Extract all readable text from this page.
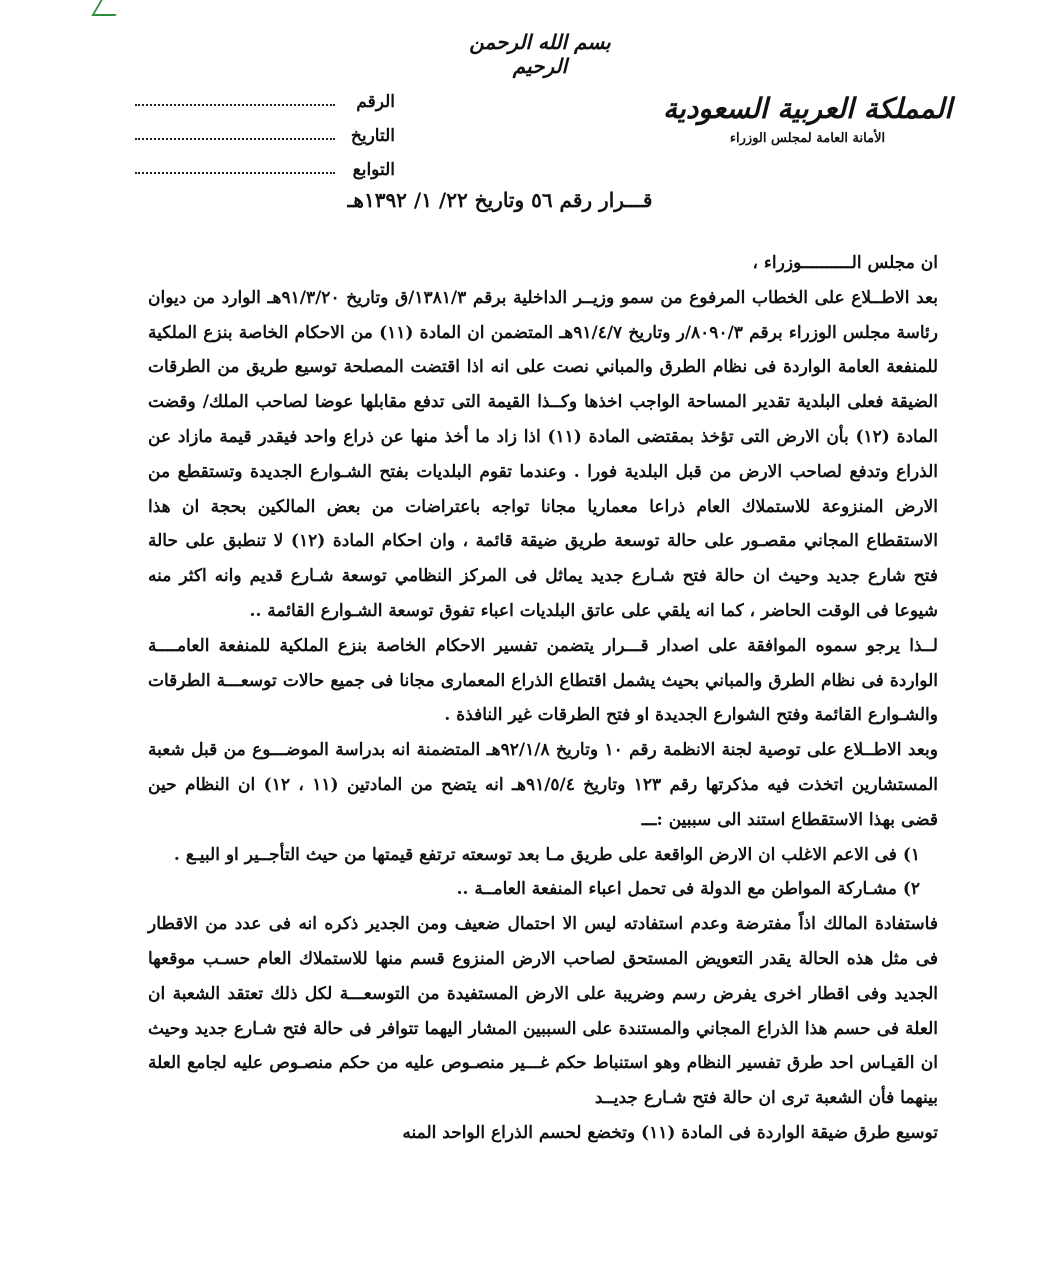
بسم الله الرحمن الرحيم
الرقم
التاريخ
التوابع
المملكة العربية السعودية
الأمانة العامة لمجلس الوزراء
قـــرار رقم ٥٦ وتاريخ ٢٢/ ١/ ١٣٩٢هـ

ان مجلس الــــــــــوزراء ،

بعد الاطــلاع على الخطاب المرفوع من سمو وزيــر الداخلية برقم ١٣٨١/٣/ق وتاريخ ٩١/٣/٢٠هـ الوارد من ديوان رئاسة مجلس الوزراء برقم ٨٠٩٠/٣/ر وتاريخ ٩١/٤/٧هـ المتضمن ان المادة (١١) من الاحكام الخاصة بنزع الملكية للمنفعة العامة الواردة فى نظام الطرق والمباني نصت على انه اذا اقتضت المصلحة توسيع طريق من الطرقات الضيقة فعلى البلدية تقدير المساحة الواجب اخذها وكــذا القيمة التى تدفع مقابلها عوضا لصاحب الملك/ وقضت المادة (١٢) بأن الارض التى تؤخذ بمقتضى المادة (١١) اذا زاد ما أخذ منها عن ذراع واحد فيقدر قيمة مازاد عن الذراع وتدفع لصاحب الارض من قبل البلدية فورا . وعندما تقوم البلديات بفتح الشـوارع الجديدة وتستقطع من الارض المنزوعة للاستملاك العام ذراعا معماريا مجانا تواجه باعتراضات من بعض المالكين بحجة ان هذا الاستقطاع المجاني مقصـور على حالة توسعة طريق ضيقة قائمة ، وان احكام المادة (١٢) لا تنطبق على حالة فتح شارع جديد وحيث ان حالة فتح شـارع جديد يماثل فى المركز النظامي توسعة شـارع قديم وانه اكثر منه شيوعا فى الوقت الحاضر ، كما انه يلقي على عاتق البلديات اعباء تفوق توسعة الشـوارع القائمة ..

لــذا يرجو سموه الموافقة على اصدار قـــرار يتضمن تفسير الاحكام الخاصة بنزع الملكية للمنفعة العامــــة الواردة فى نظام الطرق والمباني بحيث يشمل اقتطاع الذراع المعمارى مجانا فى جميع حالات توسعـــة الطرقات والشـوارع القائمة وفتح الشوارع الجديدة او فتح الطرقات غير النافذة .

وبعد الاطــلاع على توصية لجنة الانظمة رقم ١٠ وتاريخ ٩٢/١/٨هـ المتضمنة انه بدراسة الموضـــوع من قبل شعبة المستشارين اتخذت فيه مذكرتها رقم ١٢٣ وتاريخ ٩١/٥/٤هـ انه يتضح من المادتين (١١ ، ١٢) ان النظام حين قضى بهذا الاستقطاع استند الى سببين :ـــ

١) فى الاعم الاغلب ان الارض الواقعة على طريق مـا بعد توسعته ترتفع قيمتها من حيث التأجــير او البيـع .

٢) مشـاركة المواطن مع الدولة فى تحمل اعباء المنفعة العامــة ..

فاستفادة المالك اذاً مفترضة وعدم استفادته ليس الا احتمال ضعيف ومن الجدير ذكره انه فى عدد من الاقطار فى مثل هذه الحالة يقدر التعويض المستحق لصاحب الارض المنزوع قسم منها للاستملاك العام حسـب موقعها الجديد وفى اقطار اخرى يفرض رسم وضريبة على الارض المستفيدة من التوسعـــة لكل ذلك تعتقد الشعبة ان العلة فى حسم هذا الذراع المجاني والمستندة على السببين المشار اليهما تتوافر فى حالة فتح شـارع جديد وحيث ان القيـاس احد طرق تفسير النظام وهو استنباط حكم غـــير منصـوص عليه من حكم منصـوص عليه لجامع العلة بينهما فأن الشعبة ترى ان حالة فتح شـارع جديــد

توسيع طرق ضيقة الواردة فى المادة (١١) وتخضع لحسم الذراع الواحد المنه
